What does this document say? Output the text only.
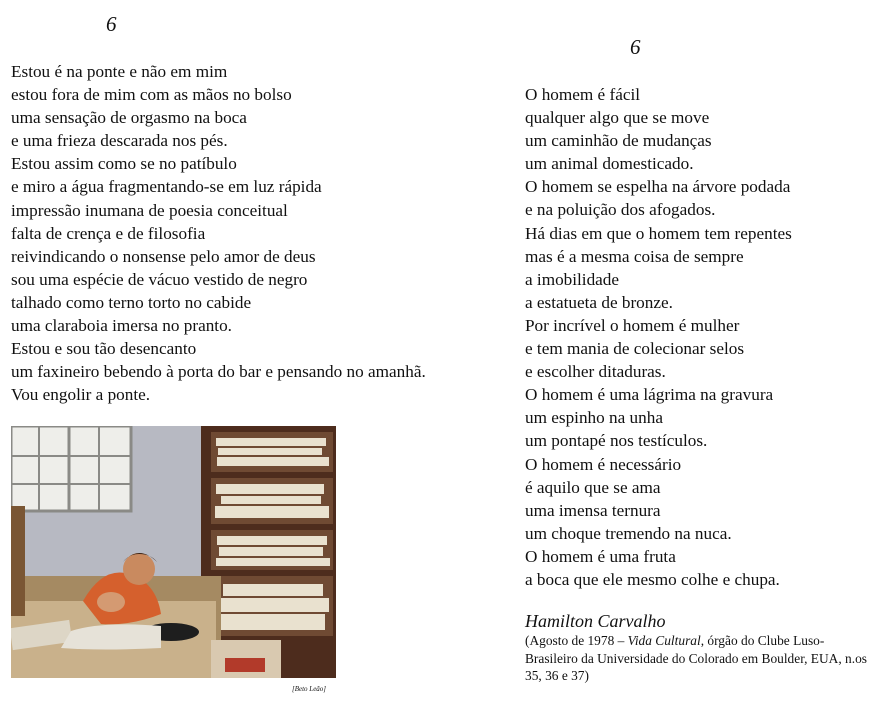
6
Estou é na ponte e não em mim
estou fora de mim com as mãos no bolso
uma sensação de orgasmo na boca
e uma frieza descarada nos pés.
Estou assim como se no patíbulo
e miro a água fragmentando-se em luz rápida
impressão inumana de poesia conceitual
falta de crença e de filosofia
reivindicando o nonsense pelo amor de deus
sou uma espécie de vácuo vestido de negro
talhado como terno torto no cabide
uma claraboia imersa no pranto.
Estou e sou tão desencanto
um faxineiro bebendo à porta do bar e pensando no amanhã.
Vou engolir a ponte.
[Beto Leão]
6
O homem é fácil
qualquer algo que se move
um caminhão de mudanças
um animal domesticado.
O homem se espelha na árvore podada
e na poluição dos afogados.
Há dias em que o homem tem repentes
mas é a mesma coisa de sempre
a imobilidade
a estatueta de bronze.
Por incrível o homem é mulher
e tem mania de colecionar selos
e escolher ditaduras.
O homem é uma lágrima na gravura
um espinho na unha
um pontapé nos testículos.
O homem é necessário
é aquilo que se ama
uma imensa ternura
um choque tremendo na nuca.
O homem é uma fruta
a boca que ele mesmo colhe e chupa.
Hamilton Carvalho
(Agosto de 1978 – Vida Cultural, órgão do Clube Luso-Brasileiro da Universidade do Colorado em Boulder, EUA, n.os 35, 36 e 37)
